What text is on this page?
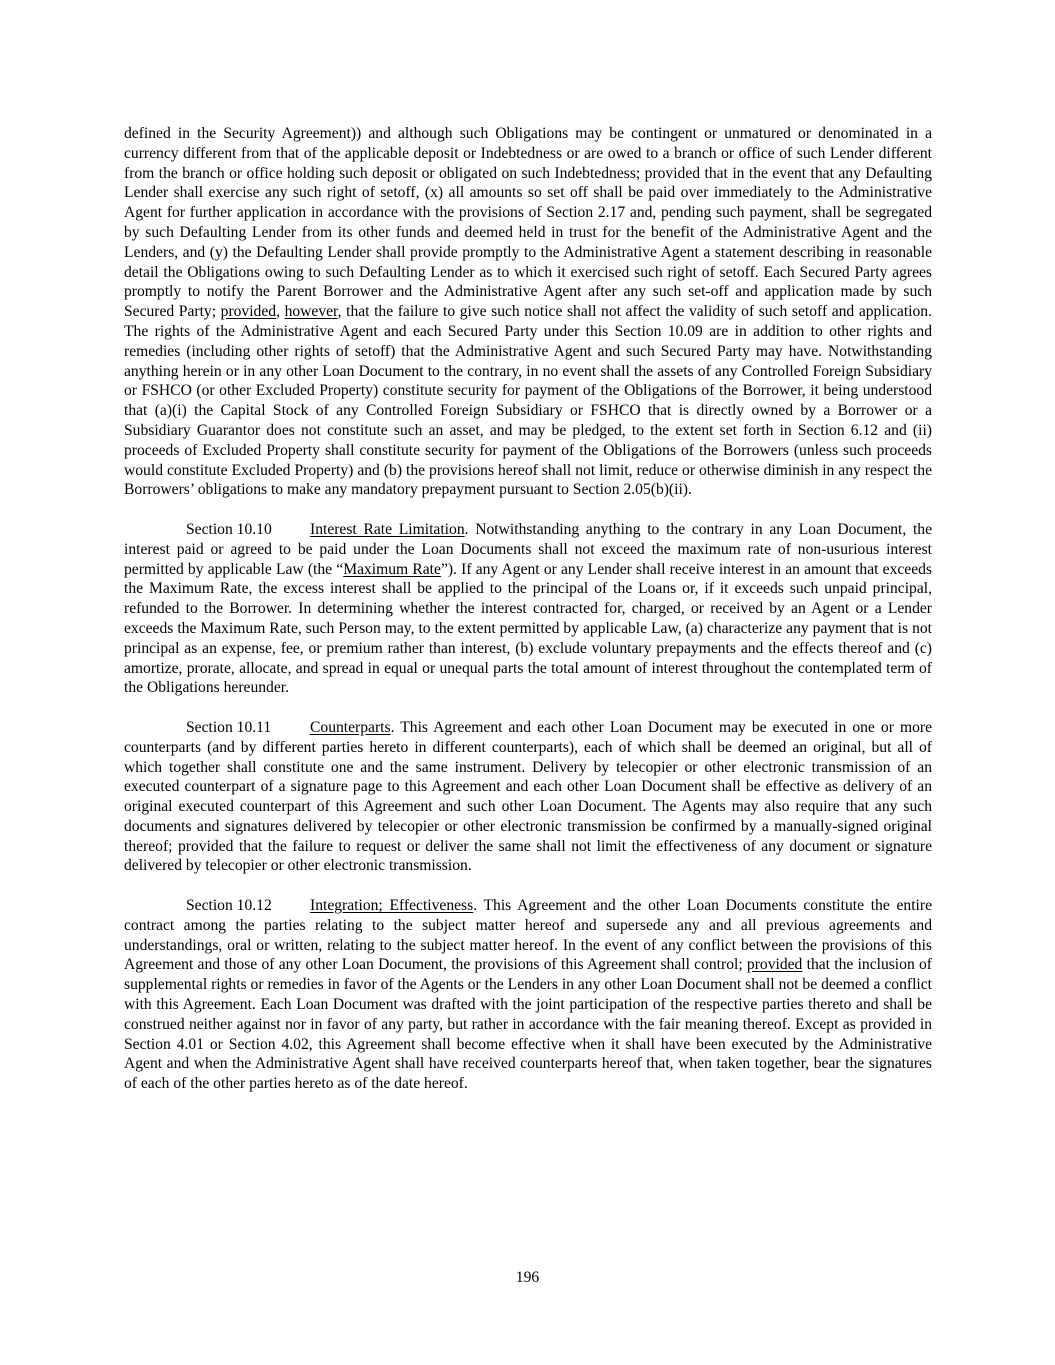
defined in the Security Agreement)) and although such Obligations may be contingent or unmatured or denominated in a currency different from that of the applicable deposit or Indebtedness or are owed to a branch or office of such Lender different from the branch or office holding such deposit or obligated on such Indebtedness; provided that in the event that any Defaulting Lender shall exercise any such right of setoff, (x) all amounts so set off shall be paid over immediately to the Administrative Agent for further application in accordance with the provisions of Section 2.17 and, pending such payment, shall be segregated by such Defaulting Lender from its other funds and deemed held in trust for the benefit of the Administrative Agent and the Lenders, and (y) the Defaulting Lender shall provide promptly to the Administrative Agent a statement describing in reasonable detail the Obligations owing to such Defaulting Lender as to which it exercised such right of setoff. Each Secured Party agrees promptly to notify the Parent Borrower and the Administrative Agent after any such set-off and application made by such Secured Party; provided, however, that the failure to give such notice shall not affect the validity of such setoff and application. The rights of the Administrative Agent and each Secured Party under this Section 10.09 are in addition to other rights and remedies (including other rights of setoff) that the Administrative Agent and such Secured Party may have. Notwithstanding anything herein or in any other Loan Document to the contrary, in no event shall the assets of any Controlled Foreign Subsidiary or FSHCO (or other Excluded Property) constitute security for payment of the Obligations of the Borrower, it being understood that (a)(i) the Capital Stock of any Controlled Foreign Subsidiary or FSHCO that is directly owned by a Borrower or a Subsidiary Guarantor does not constitute such an asset, and may be pledged, to the extent set forth in Section 6.12 and (ii) proceeds of Excluded Property shall constitute security for payment of the Obligations of the Borrowers (unless such proceeds would constitute Excluded Property) and (b) the provisions hereof shall not limit, reduce or otherwise diminish in any respect the Borrowers’ obligations to make any mandatory prepayment pursuant to Section 2.05(b)(ii).

Section 10.10 Interest Rate Limitation. Notwithstanding anything to the contrary in any Loan Document, the interest paid or agreed to be paid under the Loan Documents shall not exceed the maximum rate of non-usurious interest permitted by applicable Law (the “Maximum Rate”). If any Agent or any Lender shall receive interest in an amount that exceeds the Maximum Rate, the excess interest shall be applied to the principal of the Loans or, if it exceeds such unpaid principal, refunded to the Borrower. In determining whether the interest contracted for, charged, or received by an Agent or a Lender exceeds the Maximum Rate, such Person may, to the extent permitted by applicable Law, (a) characterize any payment that is not principal as an expense, fee, or premium rather than interest, (b) exclude voluntary prepayments and the effects thereof and (c) amortize, prorate, allocate, and spread in equal or unequal parts the total amount of interest throughout the contemplated term of the Obligations hereunder.

Section 10.11 Counterparts. This Agreement and each other Loan Document may be executed in one or more counterparts (and by different parties hereto in different counterparts), each of which shall be deemed an original, but all of which together shall constitute one and the same instrument. Delivery by telecopier or other electronic transmission of an executed counterpart of a signature page to this Agreement and each other Loan Document shall be effective as delivery of an original executed counterpart of this Agreement and such other Loan Document. The Agents may also require that any such documents and signatures delivered by telecopier or other electronic transmission be confirmed by a manually-signed original thereof; provided that the failure to request or deliver the same shall not limit the effectiveness of any document or signature delivered by telecopier or other electronic transmission.

Section 10.12 Integration; Effectiveness. This Agreement and the other Loan Documents constitute the entire contract among the parties relating to the subject matter hereof and supersede any and all previous agreements and understandings, oral or written, relating to the subject matter hereof. In the event of any conflict between the provisions of this Agreement and those of any other Loan Document, the provisions of this Agreement shall control; provided that the inclusion of supplemental rights or remedies in favor of the Agents or the Lenders in any other Loan Document shall not be deemed a conflict with this Agreement. Each Loan Document was drafted with the joint participation of the respective parties thereto and shall be construed neither against nor in favor of any party, but rather in accordance with the fair meaning thereof. Except as provided in Section 4.01 or Section 4.02, this Agreement shall become effective when it shall have been executed by the Administrative Agent and when the Administrative Agent shall have received counterparts hereof that, when taken together, bear the signatures of each of the other parties hereto as of the date hereof.

196
